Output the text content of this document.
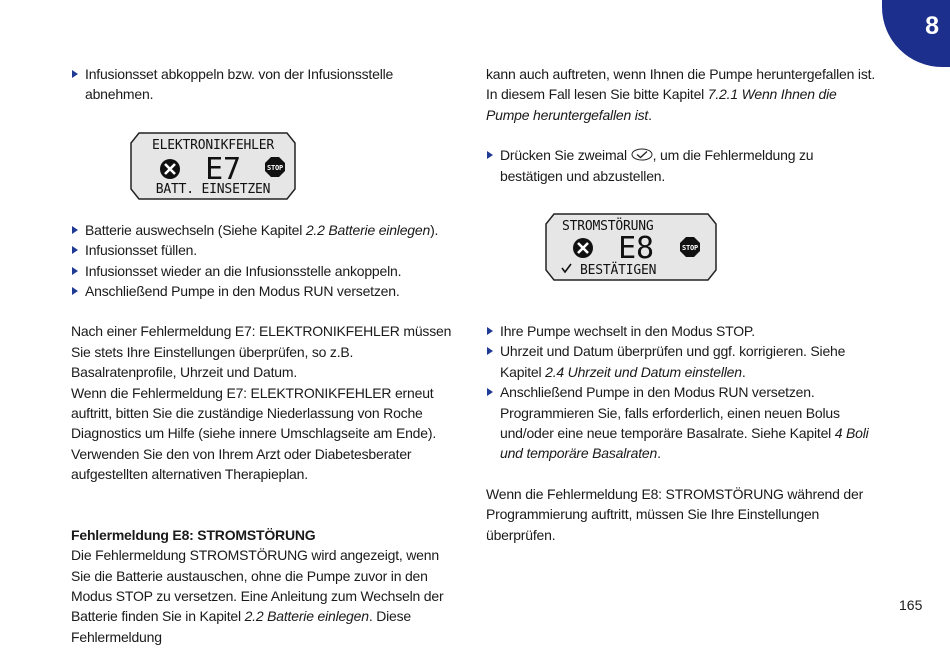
8

Infusionsset abkoppeln bzw. von der Infusionsstelle abnehmen.

ELEKTRONIKFEHLER
E7	STOP
BATT. EINSETZEN

Batterie auswechseln (Siehe Kapitel 2.2 Batterie einlegen).

Infusionsset füllen.

Infusionsset wieder an die Infusionsstelle ankoppeln.

Anschließend Pumpe in den Modus RUN versetzen.

Nach einer Fehlermeldung E7: ELEKTRONIKFEHLER müssen Sie stets Ihre Einstellungen überprüfen, so z.B. Basalratenprofile, Uhrzeit und Datum.

Wenn die Fehlermeldung E7: ELEKTRONIKFEHLER erneut auftritt, bitten Sie die zuständige Niederlassung von Roche Diagnostics um Hilfe (siehe innere Umschlagseite am Ende). Verwenden Sie den von Ihrem Arzt oder Diabetesberater aufgestellten alternativen Therapieplan.

Fehlermeldung E8: STROMSTÖRUNG

Die Fehlermeldung STROMSTÖRUNG wird angezeigt, wenn Sie die Batterie austauschen, ohne die Pumpe zuvor in den Modus STOP zu versetzen. Eine Anleitung zum Wechseln der Batterie finden Sie in Kapitel 2.2 Batterie einlegen. Diese Fehlermeldung

kann auch auftreten, wenn Ihnen die Pumpe heruntergefallen ist. In diesem Fall lesen Sie bitte Kapitel 7.2.1 Wenn Ihnen die Pumpe heruntergefallen ist.

Drücken Sie zweimal , um die Fehlermeldung zu bestätigen und abzustellen.

STROMSTÖRUNG
E8	STOP
BESTÄTIGEN

Ihre Pumpe wechselt in den Modus STOP.

Uhrzeit und Datum überprüfen und ggf. korrigieren. Siehe Kapitel 2.4 Uhrzeit und Datum einstellen.

Anschließend Pumpe in den Modus RUN versetzen. Programmieren Sie, falls erforderlich, einen neuen Bolus und/oder eine neue temporäre Basalrate. Siehe Kapitel 4 Boli und temporäre Basalraten.

Wenn die Fehlermeldung E8: STROMSTÖRUNG während der Programmierung auftritt, müssen Sie Ihre Einstellungen überprüfen.

165
